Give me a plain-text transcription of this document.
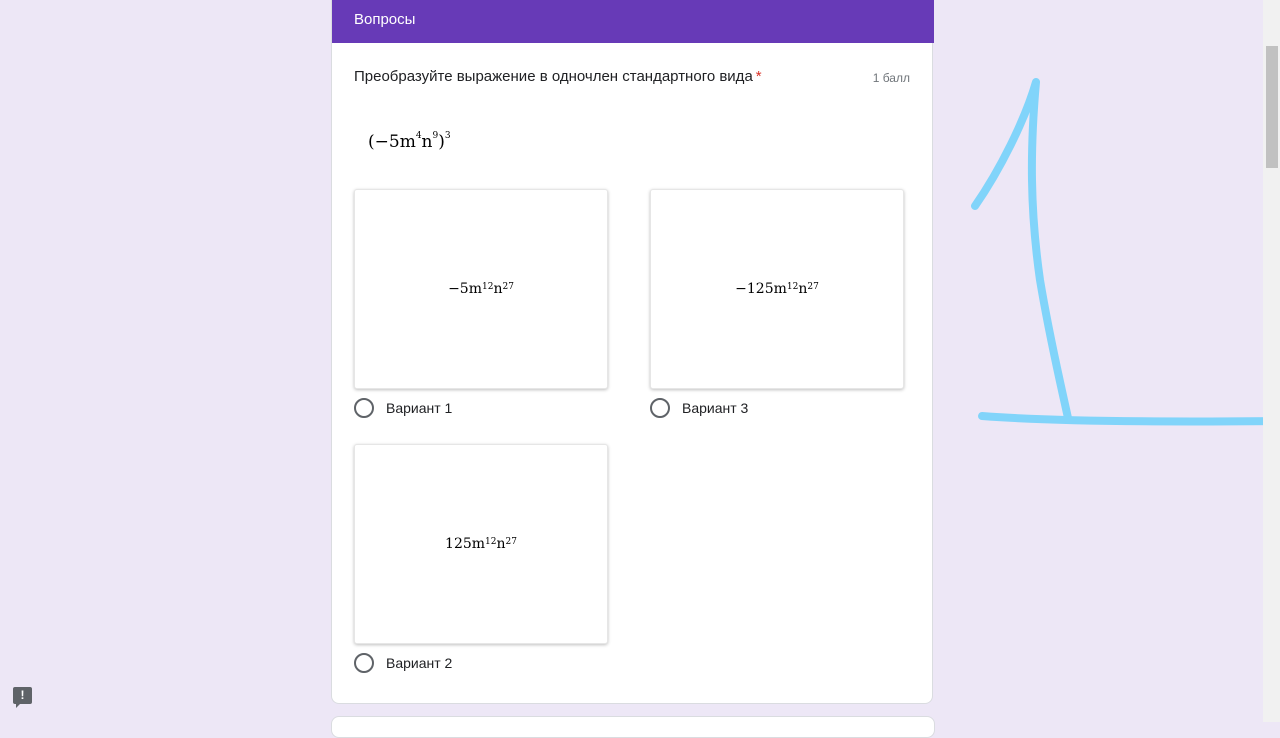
Вопросы
Преобразуйте выражение в одночлен стандартного вида *	1 балл
$(-5m^4n^9)^3$
$-5m^{12}$ $n^{27}$
Вариант 1
$-125m^{12}$ $n^{27}$
Вариант 3
$125m^{12}$ $n^{27}$
Вариант 2
!
